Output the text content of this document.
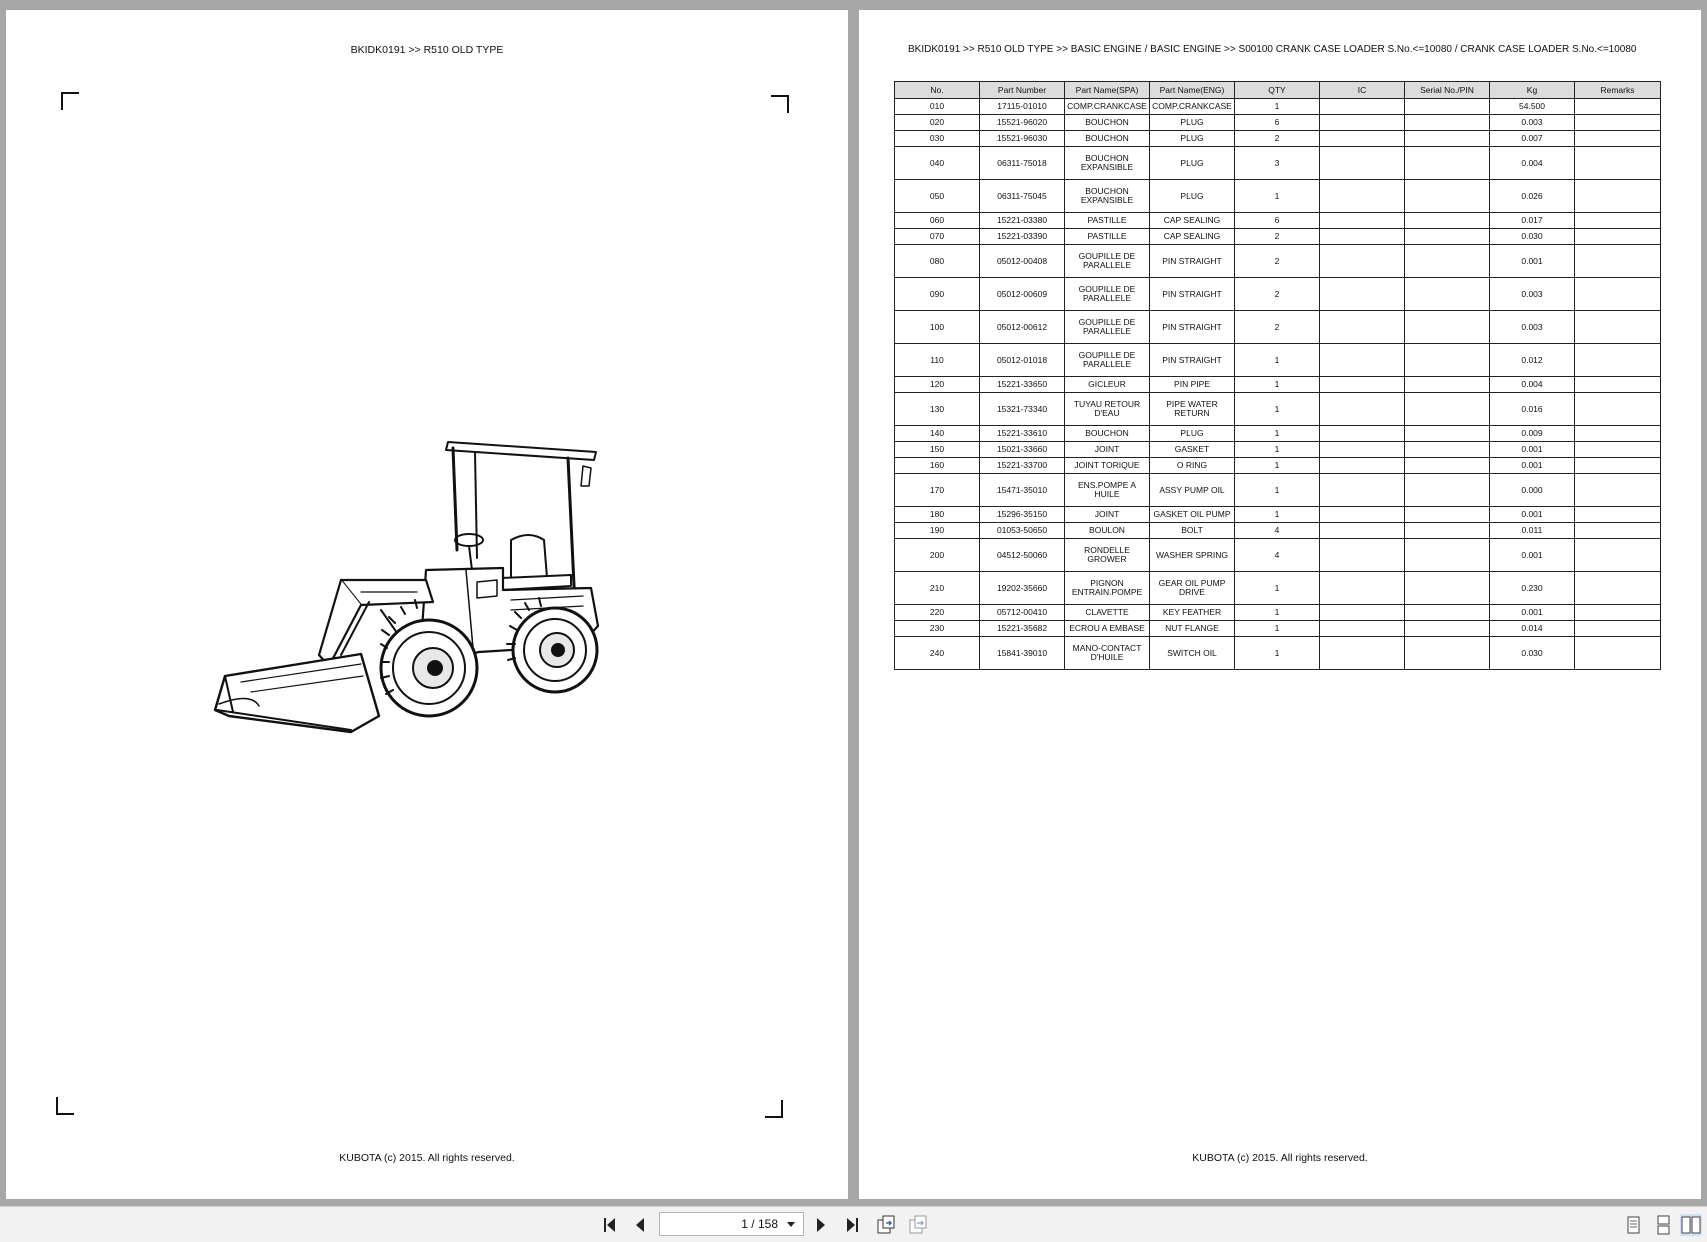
BKIDK0191 >> R510 OLD TYPE
KUBOTA (c) 2015. All rights reserved.
BKIDK0191 >> R510 OLD TYPE >> BASIC ENGINE / BASIC ENGINE >> S00100 CRANK CASE LOADER S.No.<=10080 / CRANK CASE LOADER S.No.<=10080
No.	Part Number	Part Name(SPA)	Part Name(ENG)	QTY	IC	Serial No./PIN	Kg	Remarks
010	17115-01010	COMP.CRANKCASE	COMP.CRANKCASE	1			54.500	
020	15521-96020	BOUCHON	PLUG	6			0.003	
030	15521-96030	BOUCHON	PLUG	2			0.007	
040	06311-75018	BOUCHON EXPANSIBLE	PLUG	3			0.004	
050	06311-75045	BOUCHON EXPANSIBLE	PLUG	1			0.026	
060	15221-03380	PASTILLE	CAP SEALING	6			0.017	
070	15221-03390	PASTILLE	CAP SEALING	2			0.030	
080	05012-00408	GOUPILLE DE PARALLELE	PIN STRAIGHT	2			0.001	
090	05012-00609	GOUPILLE DE PARALLELE	PIN STRAIGHT	2			0.003	
100	05012-00612	GOUPILLE DE PARALLELE	PIN STRAIGHT	2			0.003	
110	05012-01018	GOUPILLE DE PARALLELE	PIN STRAIGHT	1			0.012	
120	15221-33650	GICLEUR	PIN PIPE	1			0.004	
130	15321-73340	TUYAU RETOUR D'EAU	PIPE WATER RETURN	1			0.016	
140	15221-33610	BOUCHON	PLUG	1			0.009	
150	15021-33660	JOINT	GASKET	1			0.001	
160	15221-33700	JOINT TORIQUE	O RING	1			0.001	
170	15471-35010	ENS.POMPE A HUILE	ASSY PUMP OIL	1			0.000	
180	15296-35150	JOINT	GASKET OIL PUMP	1			0.001	
190	01053-50650	BOULON	BOLT	4			0.011	
200	04512-50060	RONDELLE GROWER	WASHER SPRING	4			0.001	
210	19202-35660	PIGNON ENTRAIN.POMPE	GEAR OIL PUMP DRIVE	1			0.230	
220	05712-00410	CLAVETTE	KEY FEATHER	1			0.001	
230	15221-35682	ECROU A EMBASE	NUT FLANGE	1			0.014	
240	15841-39010	MANO-CONTACT D'HUILE	SWITCH OIL	1			0.030	
KUBOTA (c) 2015. All rights reserved.
1 / 158
